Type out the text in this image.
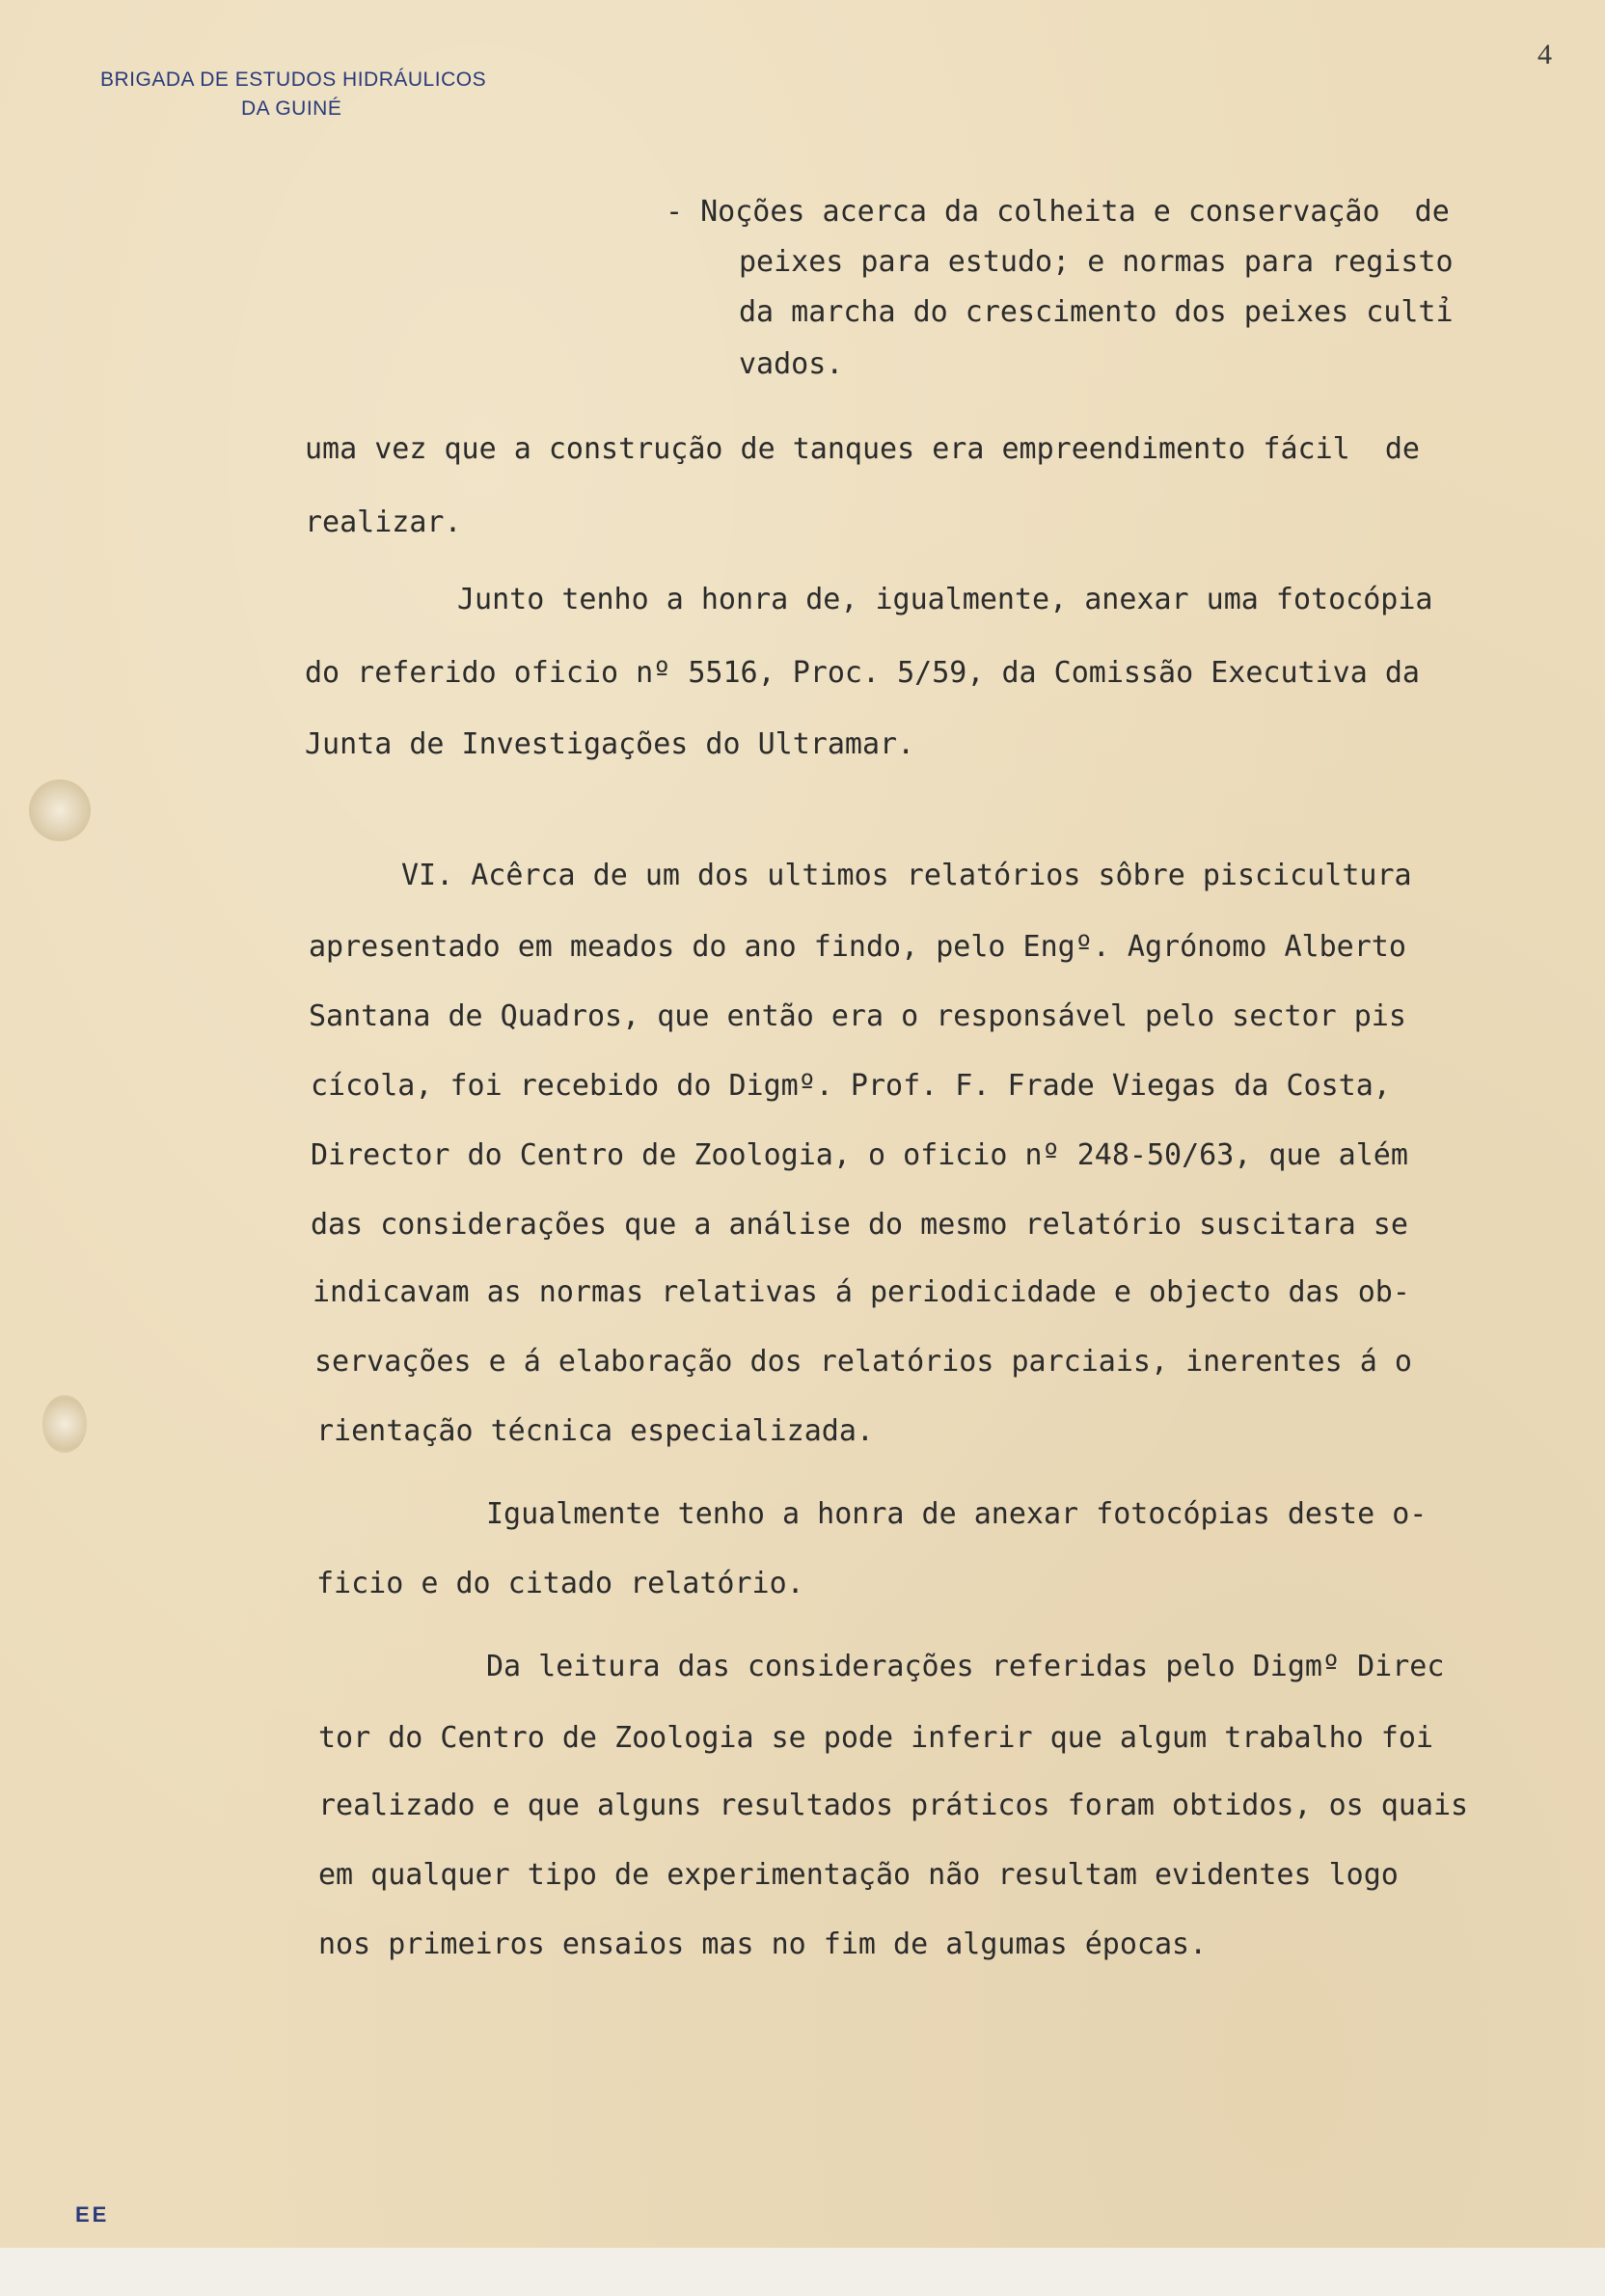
BRIGADA DE ESTUDOS HIDRÁULICOS
DA GUINÉ
4
- Noções acerca da colheita e conservação  de
peixes para estudo; e normas para registo
da marcha do crescimento dos peixes cultỉ
vados.
uma vez que a construção de tanques era empreendimento fácil  de
realizar.
Junto tenho a honra de, igualmente, anexar uma fotocópia
do referido oficio nº 5516, Proc. 5/59, da Comissão Executiva da
Junta de Investigações do Ultramar.
VI. Acêrca de um dos ultimos relatórios sôbre piscicultura
apresentado em meados do ano findo, pelo Engº. Agrónomo Alberto
Santana de Quadros, que então era o responsável pelo sector pis
cícola, foi recebido do Digmº. Prof. F. Frade Viegas da Costa,
Director do Centro de Zoologia, o oficio nº 248-50/63, que além
das considerações que a análise do mesmo relatório suscitara se
indicavam as normas relativas á periodicidade e objecto das ob-
servações e á elaboração dos relatórios parciais, inerentes á o
rientação técnica especializada.
Igualmente tenho a honra de anexar fotocópias deste o-
ficio e do citado relatório.
Da leitura das considerações referidas pelo Digmº Direc
tor do Centro de Zoologia se pode inferir que algum trabalho foi
realizado e que alguns resultados práticos foram obtidos, os quais
em qualquer tipo de experimentação não resultam evidentes logo
nos primeiros ensaios mas no fim de algumas épocas.
EE
